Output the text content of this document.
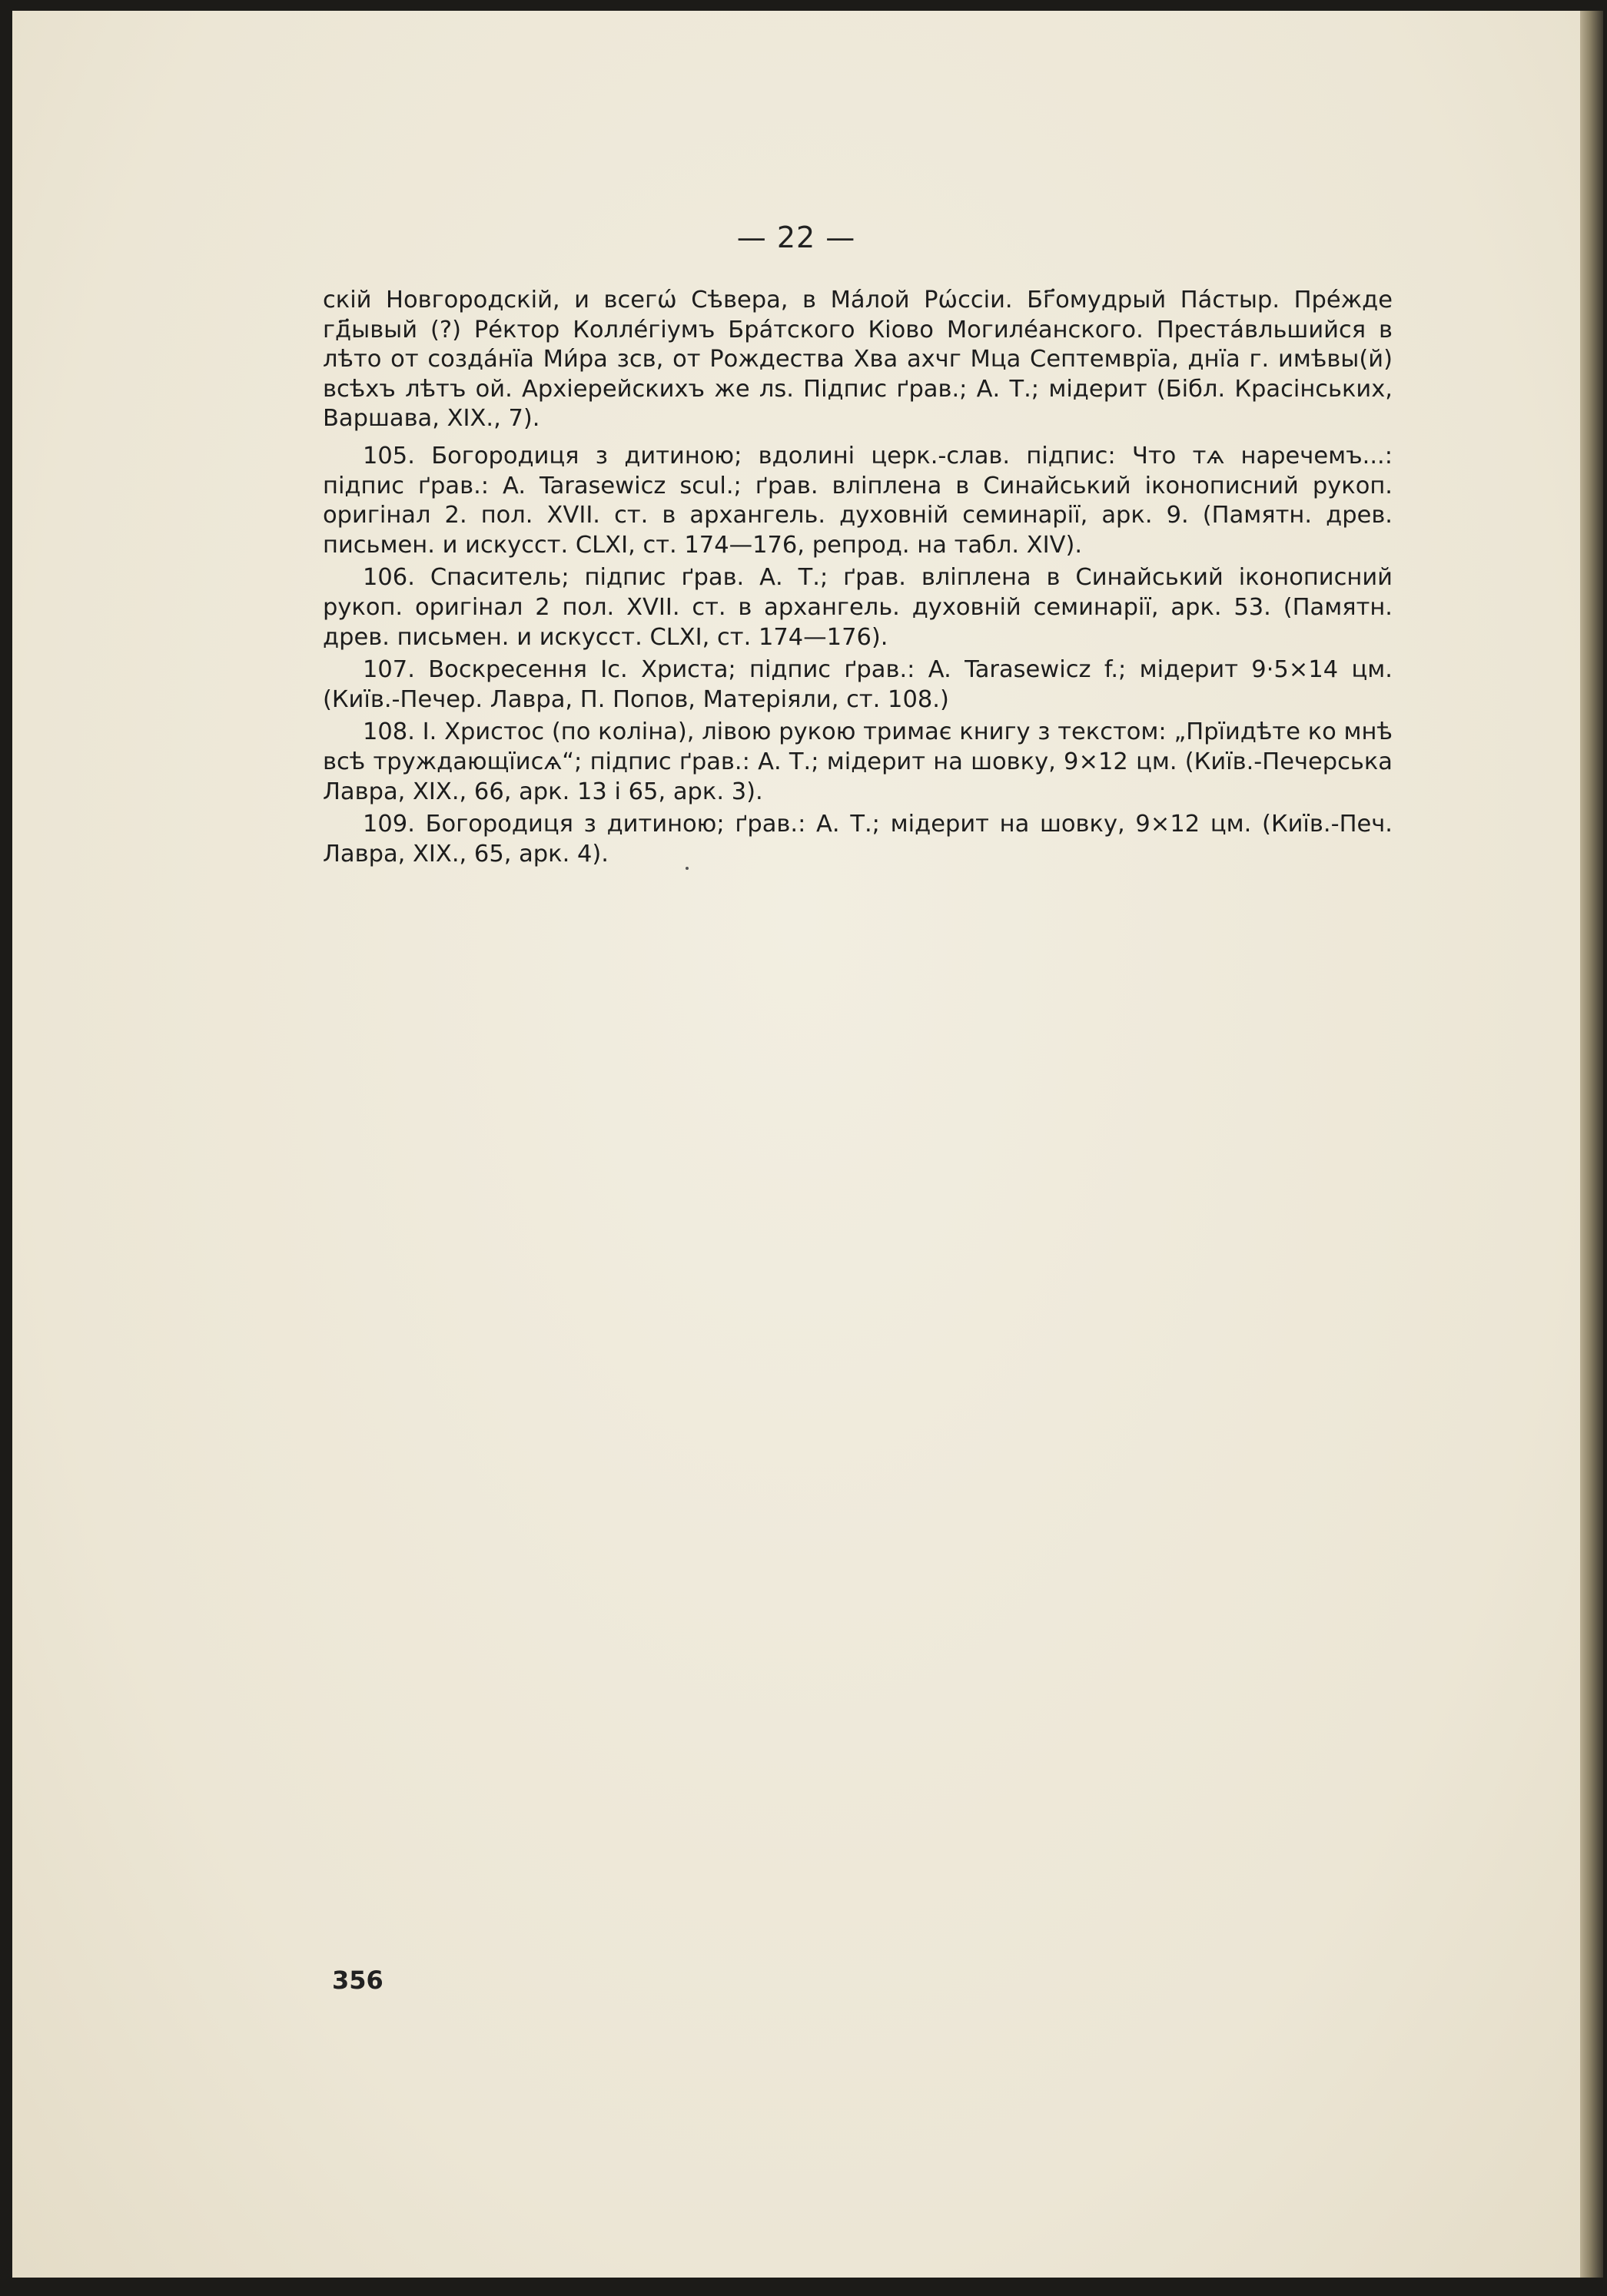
— 22 —

скій Новгородскій, и всегѡ́ Сѣвера, в Ма́лой Рѡ́ссіи. Бг҃омудрый Па́стыр. Пре́жде гд҃ывый (?) Ре́ктор Колле́гіумъ Бра́тского Кіово Могиле́анского. Преста́вльшийся в лѣто от созда́нїа Ми́ра зсв, от Рождества Хва ахчг Мца Септемврїа, днїа г. имѣвы(й) всѣхъ лѣтъ ой. Архіерейскихъ же лѕ. Підпис ґрав.; А. Т.; мідерит (Бібл. Красінських, Варшава, XIX., 7).

105. Богородиця з дитиною; вдолині церк.-слав. підпис: Что тѧ наречемъ...: підпис ґрав.: A. Tarasewicz scul.; ґрав. вліплена в Синайський іконописний рукоп. оригінал 2. пол. XVII. ст. в архангель. духовній семинарії, арк. 9. (Памятн. древ. письмен. и искусст. CLXI, ст. 174—176, репрод. на табл. XIV).

106. Спаситель; підпис ґрав. А. Т.; ґрав. вліплена в Синайський іконописний рукоп. оригінал 2 пол. XVII. ст. в архангель. духовній семинарії, арк. 53. (Памятн. древ. письмен. и искусст. CLXI, ст. 174—176).

107. Воскресення Іс. Христа; підпис ґрав.: A. Tarasewicz f.; мідерит 9·5×14 цм. (Київ.-Печер. Лавра, П. Попов, Матеріяли, ст. 108.)

108. І. Христос (по коліна), лівою рукою тримає книгу з текстом: „Прїидѣте ко мнѣ всѣ труждающїисѧ“; підпис ґрав.: А. Т.; мідерит на шовку, 9×12 цм. (Київ.-Печерська Лавра, XIX., 66, арк. 13 і 65, арк. 3).

109. Богородиця з дитиною; ґрав.: А. Т.; мідерит на шовку, 9×12 цм. (Київ.-Печ. Лавра, XIX., 65, арк. 4).

356
